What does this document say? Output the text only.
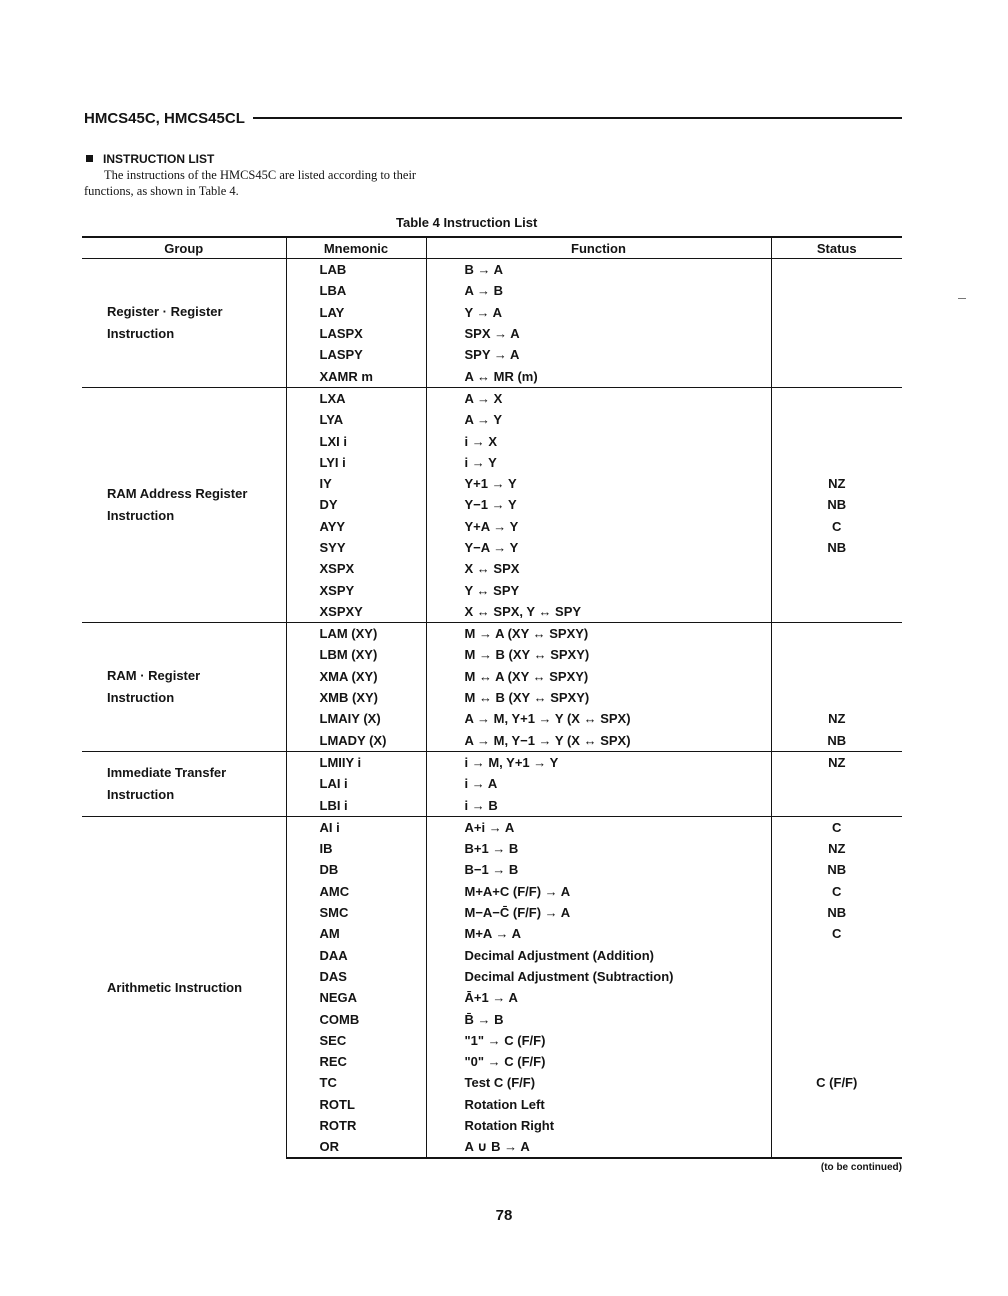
HMCS45C, HMCS45CL
INSTRUCTION LIST
The instructions of the HMCS45C are listed according to their
functions, as shown in Table 4.
Table 4 Instruction List
Group	Mnemonic	Function	Status

Register · Register
Instruction	LAB	B → A	
	LBA	A → B	
	LAY	Y → A	
	LASPX	SPX → A	
	LASPY	SPY → A	
	XAMR m	A ↔ MR (m)	

RAM Address Register
Instruction	LXA	A → X	
	LYA	A → Y	
	LXI i	i → X	
	LYI i	i → Y	
	IY	Y+1 → Y	NZ
	DY	Y−1 → Y	NB
	AYY	Y+A → Y	C
	SYY	Y−A → Y	NB
	XSPX	X ↔ SPX	
	XSPY	Y ↔ SPY	
	XSPXY	X ↔ SPX, Y ↔ SPY	

RAM · Register
Instruction	LAM (XY)	M → A (XY ↔ SPXY)	
	LBM (XY)	M → B (XY ↔ SPXY)	
	XMA (XY)	M ↔ A (XY ↔ SPXY)	
	XMB (XY)	M ↔ B (XY ↔ SPXY)	
	LMAIY (X)	A → M, Y+1 → Y (X ↔ SPX)	NZ
	LMADY (X)	A → M, Y−1 → Y (X ↔ SPX)	NB

Immediate Transfer
Instruction	LMIIY i	i → M, Y+1 → Y	NZ
	LAI i	i → A	
	LBI i	i → B	

Arithmetic Instruction	AI i	A+i → A	C
	IB	B+1 → B	NZ
	DB	B−1 → B	NB
	AMC	M+A+C (F/F) → A	C
	SMC	M−A−C̄ (F/F) → A	NB
	AM	M+A → A	C
	DAA	Decimal Adjustment (Addition)	
	DAS	Decimal Adjustment (Subtraction)	
	NEGA	Ā+1 → A	
	COMB	B̄ → B	
	SEC	"1" → C (F/F)	
	REC	"0" → C (F/F)	
	TC	Test C (F/F)	C (F/F)
	ROTL	Rotation Left	
	ROTR	Rotation Right	
	OR	A ∪ B → A	
(to be continued)
78
